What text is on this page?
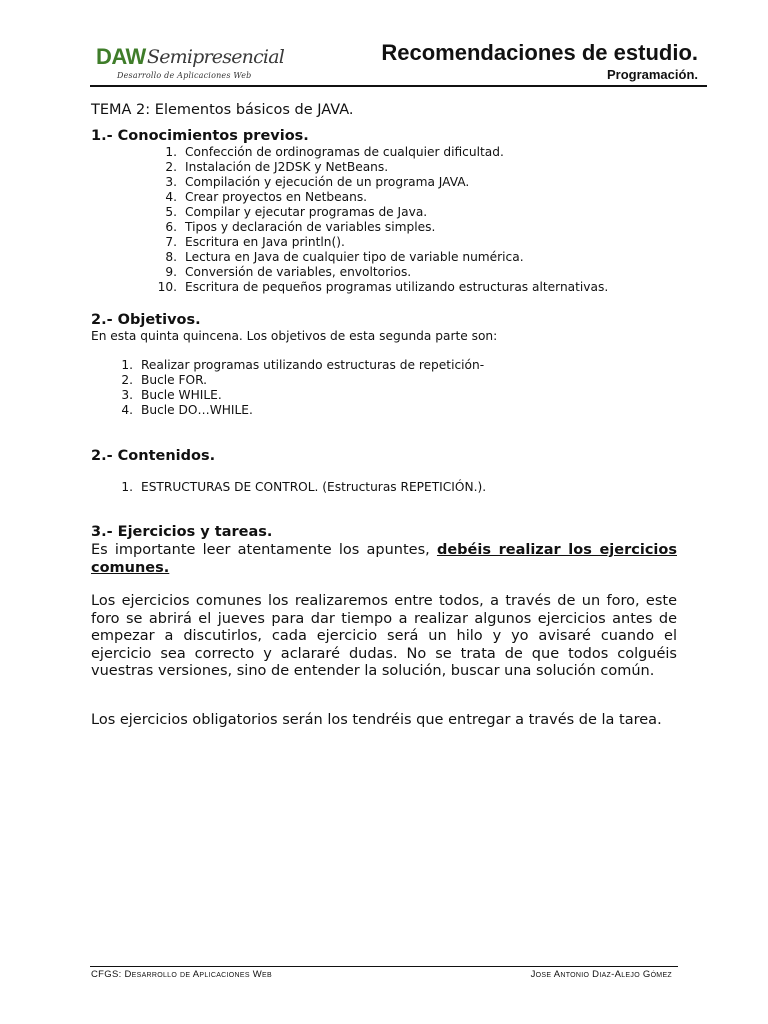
DAW Semipresencial
Desarrollo de Aplicaciones Web
Recomendaciones de estudio.
Programación.
TEMA 2: Elementos básicos de JAVA.
1.- Conocimientos previos.
1. Confección de ordinogramas de cualquier dificultad.
2. Instalación de J2DSK y NetBeans.
3. Compilación y ejecución de un programa JAVA.
4. Crear proyectos en Netbeans.
5. Compilar y ejecutar programas de Java.
6. Tipos y declaración de variables simples.
7. Escritura en Java println().
8. Lectura en Java de cualquier tipo de variable numérica.
9. Conversión de variables, envoltorios.
10. Escritura de pequeños programas utilizando estructuras alternativas.
2.- Objetivos.
En esta quinta quincena. Los objetivos de esta segunda parte son:
1. Realizar programas utilizando estructuras de repetición-
2. Bucle FOR.
3. Bucle WHILE.
4. Bucle DO…WHILE.
2.- Contenidos.
1. ESTRUCTURAS DE CONTROL. (Estructuras REPETICIÓN.).
3.- Ejercicios y tareas.
Es importante leer atentamente los apuntes, debéis realizar los ejercicios comunes.
Los ejercicios comunes los realizaremos entre todos, a través de un foro, este foro se abrirá el jueves para dar tiempo a realizar algunos ejercicios antes de empezar a discutirlos, cada ejercicio será un hilo y yo avisaré cuando el ejercicio sea correcto y aclararé dudas. No se trata de que todos colguéis vuestras versiones, sino de entender la solución, buscar una solución común.
Los ejercicios obligatorios serán los tendréis que entregar a través de la tarea.
CFGS: Desarrollo de Aplicaciones Web	Jose Antonio Diaz-Alejo Gómez
